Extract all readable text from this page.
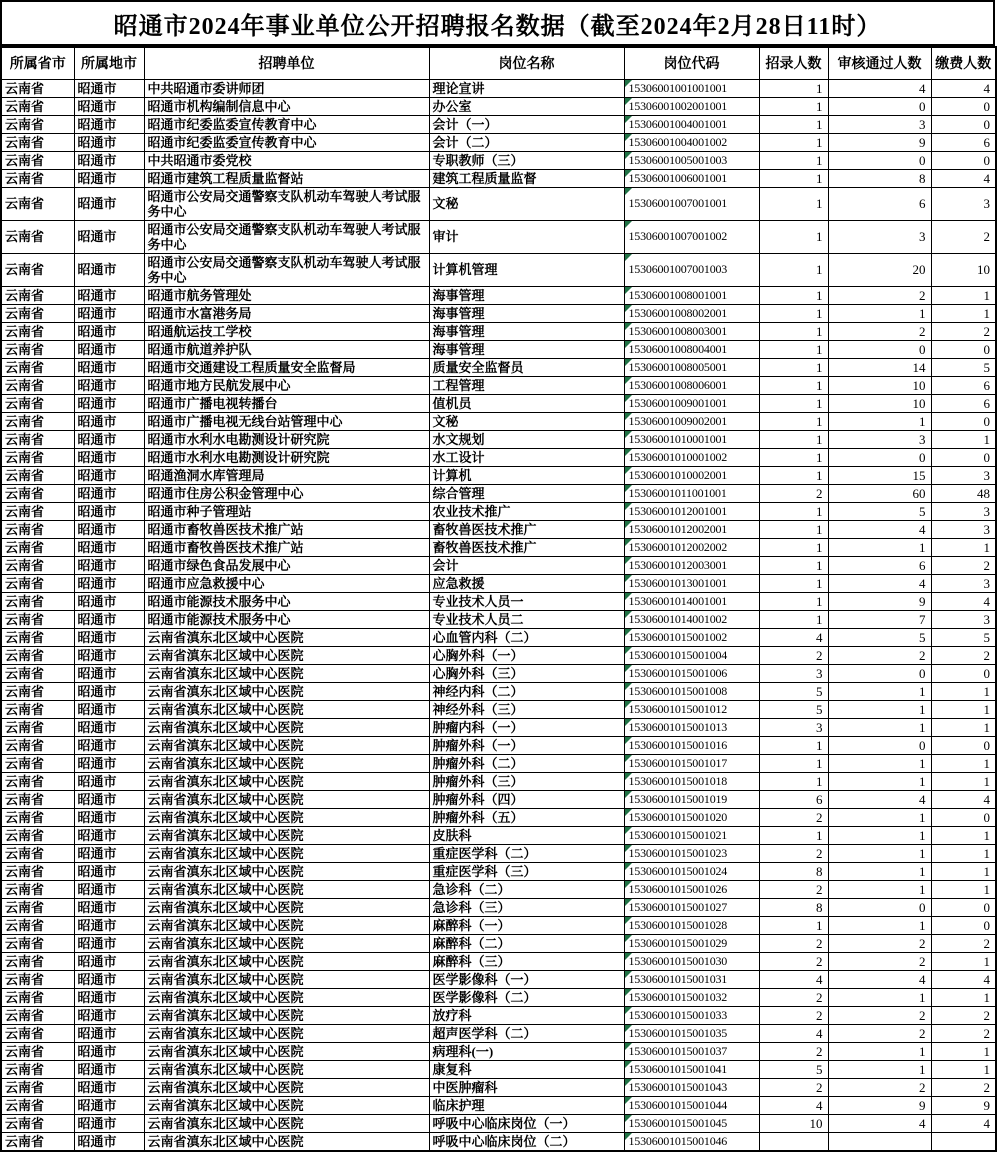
昭通市2024年事业单位公开招聘报名数据（截至2024年2月28日11时）
所属省市	所属地市	招聘单位	岗位名称	岗位代码	招录人数	审核通过人数	缴费人数
云南省	昭通市	中共昭通市委讲师团	理论宣讲	15306001001001001	1	4	4
云南省	昭通市	昭通市机构编制信息中心	办公室	15306001002001001	1	0	0
云南省	昭通市	昭通市纪委监委宣传教育中心	会计（一）	15306001004001001	1	3	0
云南省	昭通市	昭通市纪委监委宣传教育中心	会计（二）	15306001004001002	1	9	6
云南省	昭通市	中共昭通市委党校	专职教师（三）	15306001005001003	1	0	0
云南省	昭通市	昭通市建筑工程质量监督站	建筑工程质量监督	15306001006001001	1	8	4
云南省	昭通市	昭通市公安局交通警察支队机动车驾驶人考试服务中心	文秘	15306001007001001	1	6	3
云南省	昭通市	昭通市公安局交通警察支队机动车驾驶人考试服务中心	审计	15306001007001002	1	3	2
云南省	昭通市	昭通市公安局交通警察支队机动车驾驶人考试服务中心	计算机管理	15306001007001003	1	20	10
云南省	昭通市	昭通市航务管理处	海事管理	15306001008001001	1	2	1
云南省	昭通市	昭通市水富港务局	海事管理	15306001008002001	1	1	1
云南省	昭通市	昭通航运技工学校	海事管理	15306001008003001	1	2	2
云南省	昭通市	昭通市航道养护队	海事管理	15306001008004001	1	0	0
云南省	昭通市	昭通市交通建设工程质量安全监督局	质量安全监督员	15306001008005001	1	14	5
云南省	昭通市	昭通市地方民航发展中心	工程管理	15306001008006001	1	10	6
云南省	昭通市	昭通市广播电视转播台	值机员	15306001009001001	1	10	6
云南省	昭通市	昭通市广播电视无线台站管理中心	文秘	15306001009002001	1	1	0
云南省	昭通市	昭通市水利水电勘测设计研究院	水文规划	15306001010001001	1	3	1
云南省	昭通市	昭通市水利水电勘测设计研究院	水工设计	15306001010001002	1	0	0
云南省	昭通市	昭通渔洞水库管理局	计算机	15306001010002001	1	15	3
云南省	昭通市	昭通市住房公积金管理中心	综合管理	15306001011001001	2	60	48
云南省	昭通市	昭通市种子管理站	农业技术推广	15306001012001001	1	5	3
云南省	昭通市	昭通市畜牧兽医技术推广站	畜牧兽医技术推广	15306001012002001	1	4	3
云南省	昭通市	昭通市畜牧兽医技术推广站	畜牧兽医技术推广	15306001012002002	1	1	1
云南省	昭通市	昭通市绿色食品发展中心	会计	15306001012003001	1	6	2
云南省	昭通市	昭通市应急救援中心	应急救援	15306001013001001	1	4	3
云南省	昭通市	昭通市能源技术服务中心	专业技术人员一	15306001014001001	1	9	4
云南省	昭通市	昭通市能源技术服务中心	专业技术人员二	15306001014001002	1	7	3
云南省	昭通市	云南省滇东北区域中心医院	心血管内科（二）	15306001015001002	4	5	5
云南省	昭通市	云南省滇东北区域中心医院	心胸外科（一）	15306001015001004	2	2	2
云南省	昭通市	云南省滇东北区域中心医院	心胸外科（三）	15306001015001006	3	0	0
云南省	昭通市	云南省滇东北区域中心医院	神经内科（二）	15306001015001008	5	1	1
云南省	昭通市	云南省滇东北区域中心医院	神经外科（三）	15306001015001012	5	1	1
云南省	昭通市	云南省滇东北区域中心医院	肿瘤内科（一）	15306001015001013	3	1	1
云南省	昭通市	云南省滇东北区域中心医院	肿瘤外科（一）	15306001015001016	1	0	0
云南省	昭通市	云南省滇东北区域中心医院	肿瘤外科（二）	15306001015001017	1	1	1
云南省	昭通市	云南省滇东北区域中心医院	肿瘤外科（三）	15306001015001018	1	1	1
云南省	昭通市	云南省滇东北区域中心医院	肿瘤外科（四）	15306001015001019	6	4	4
云南省	昭通市	云南省滇东北区域中心医院	肿瘤外科（五）	15306001015001020	2	1	0
云南省	昭通市	云南省滇东北区域中心医院	皮肤科	15306001015001021	1	1	1
云南省	昭通市	云南省滇东北区域中心医院	重症医学科（二）	15306001015001023	2	1	1
云南省	昭通市	云南省滇东北区域中心医院	重症医学科（三）	15306001015001024	8	1	1
云南省	昭通市	云南省滇东北区域中心医院	急诊科（二）	15306001015001026	2	1	1
云南省	昭通市	云南省滇东北区域中心医院	急诊科（三）	15306001015001027	8	0	0
云南省	昭通市	云南省滇东北区域中心医院	麻醉科（一）	15306001015001028	1	1	0
云南省	昭通市	云南省滇东北区域中心医院	麻醉科（二）	15306001015001029	2	2	2
云南省	昭通市	云南省滇东北区域中心医院	麻醉科（三）	15306001015001030	2	2	1
云南省	昭通市	云南省滇东北区域中心医院	医学影像科（一）	15306001015001031	4	4	4
云南省	昭通市	云南省滇东北区域中心医院	医学影像科（二）	15306001015001032	2	1	1
云南省	昭通市	云南省滇东北区域中心医院	放疗科	15306001015001033	2	2	2
云南省	昭通市	云南省滇东北区域中心医院	超声医学科（二）	15306001015001035	4	2	2
云南省	昭通市	云南省滇东北区域中心医院	病理科(一)	15306001015001037	2	1	1
云南省	昭通市	云南省滇东北区域中心医院	康复科	15306001015001041	5	1	1
云南省	昭通市	云南省滇东北区域中心医院	中医肿瘤科	15306001015001043	2	2	2
云南省	昭通市	云南省滇东北区域中心医院	临床护理	15306001015001044	4	9	9
云南省	昭通市	云南省滇东北区域中心医院	呼吸中心临床岗位（一）	15306001015001045	10	4	4
云南省	昭通市	云南省滇东北区域中心医院	呼吸中心临床岗位（二）	15306001015001046			
